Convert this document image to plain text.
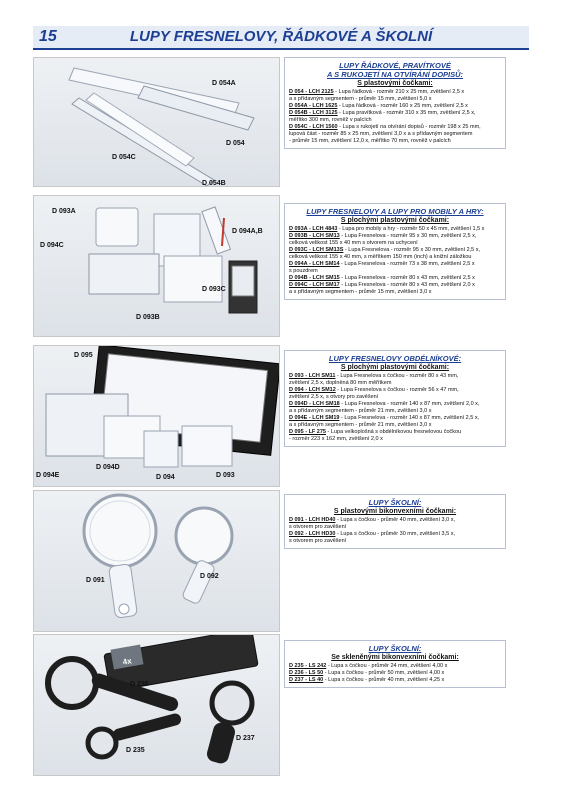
15	LUPY FRESNELOVY, ŘÁDKOVÉ A ŠKOLNÍ
D 054A
D 054
D 054C
D 054B
LUPY ŘÁDKOVÉ, PRAVÍTKOVÉ
A S RUKOJETÍ NA OTVÍRÁNÍ DOPISŮ:
S plastovými čočkami:
D 054 - LCH 2125 - Lupa řádková - rozměr 210 x 25 mm, zvětšení 2,5 x
a s přídavným segmentem - průměr 15 mm, zvětšení 5,0 x
D 054A - LCH 1625 - Lupa řádková - rozměr 160 x 25 mm, zvětšení 2,5 x
D 054B - LCH 3125 - Lupa pravítková - rozměr 310 x 35 mm, zvětšení 2,5 x,
měřítko 300 mm, rovněž v palcích
D 054C - LCH 1560 - Lupa s rukojetí na otvírání dopisů - rozměr 198 x 25 mm,
lupová část - rozměr 85 x 25 mm, zvětšení 3,0 x a s přídavným segmentem
- průměr 15 mm, zvětšení 12,0 x, měřítko 70 mm, rovněž v palcích
D 093A
D 094C
D 094A,B
D 093C
D 093B
LUPY FRESNELOVY A LUPY PRO MOBILY A HRY:
S plochými plastovými čočkami:
D 093A - LCH 4843 - Lupa pro mobily a hry - rozměr 50 x 45 mm, zvětšení 1,5 x
D 093B - LCH SM13 - Lupa Fresnelova - rozměr 95 x 30 mm, zvětšení 2,5 x,
celková velikost 155 x 40 mm s otvorem na uchycení
D 093C - LCH SM13S - Lupa Fresnelova - rozměr 95 x 30 mm, zvětšení 2,5 x,
celková velikost 155 x 40 mm, s měřítkem 150 mm (inch) a knižní záložkou
D 094A - LCH SM14 - Lupa Fresnelova - rozměr 73 x 38 mm, zvětšení 2,5 x
s pouzdrem
D 094B - LCH SM15 - Lupa Fresnelova - rozměr 80 x 43 mm, zvětšení 2,5 x
D 094C - LCH SM17 - Lupa Fresnelova - rozměr 80 x 43 mm, zvětšení 2,0 x
a s přídavným segmentem - průměr 15 mm, zvětšení 3,0 x
D 095
D 094D
D 094E	D 094	D 093
LUPY FRESNELOVY OBDÉLNÍKOVÉ:
S plochými plastovými čočkami:
D 093 - LCH SM11 - Lupa Fresnelova s čočkou - rozměr 80 x 43 mm,
zvětšení 2,5 x, doplněná 80 mm měřítkem
D 094 - LCH SM12 - Lupa Fresnelova s čočkou - rozměr 56 x 47 mm,
zvětšení 2,5 x, s otvory pro zavěšení
D 094D - LCH SM18 - Lupa Fresnelova - rozměr 140 x 87 mm, zvětšení 2,0 x,
a s přídavným segmentem - průměr 21 mm, zvětšení 3,0 x
D 094E - LCH SM19 - Lupa Fresnelova - rozměr 140 x 87 mm, zvětšení 2,5 x,
a s přídavným segmentem - průměr 21 mm, zvětšení 3,0 x
D 095 - LF 275 - Lupa velkoplošná s obdélníkovou fresnelovou čočkou
- rozměr 223 x 162 mm, zvětšení 2,0 x
D 091
D 092
LUPY ŠKOLNÍ:
S plastovými bikonvexními čočkami:
D 091 - LCH HD40 - Lupa s čočkou - průměr 40 mm, zvětšení 3,0 x,
s otvorem pro zavěšení
D 092 - LCH HD30 - Lupa s čočkou - průměr 30 mm, zvětšení 3,5 x,
s otvorem pro zavěšení
4x
D 236
D 235
D 237
LUPY ŠKOLNÍ:
Se skleněnými bikonvexními čočkami:
D 235 - LS 242 - Lupa s čočkou - průměr 24 mm, zvětšení 4,00 x
D 236 - LS 50 - Lupa s čočkou - průměr 50 mm, zvětšení 4,00 x
D 237 - LS 40 - Lupa s čočkou - průměr 40 mm, zvětšení 4,25 x
